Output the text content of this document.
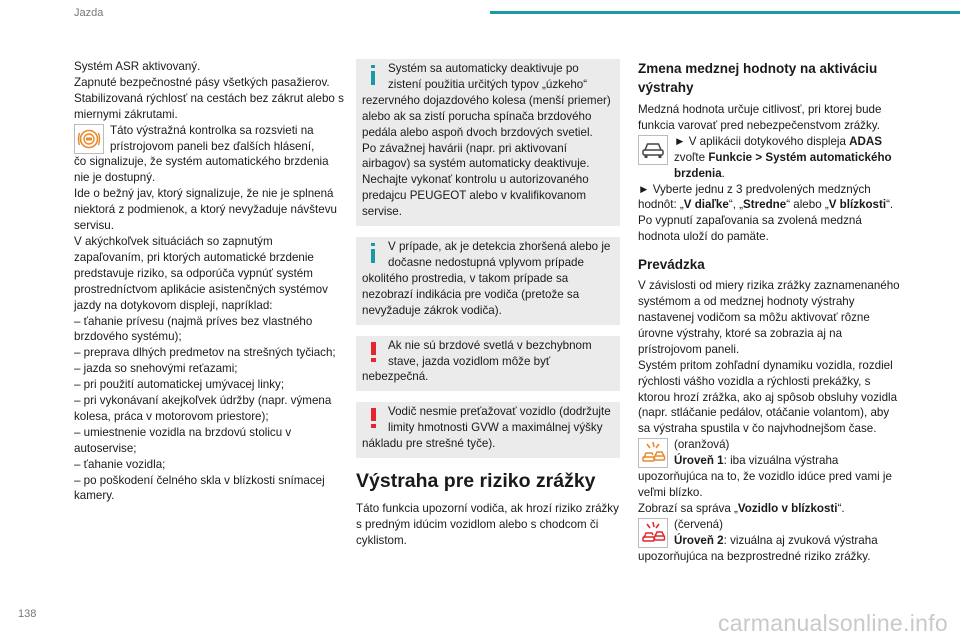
Jazda
138	carmanualsonline.info
Systém ASR aktivovaný.
Zapnuté bezpečnostné pásy všetkých pasažierov.
Stabilizovaná rýchlosť na cestách bez zákrut alebo s miernymi zákrutami.
Táto výstražná kontrolka sa rozsvieti na prístrojovom paneli bez ďalších hlásení,
čo signalizuje, že systém automatického brzdenia nie je dostupný.
Ide o bežný jav, ktorý signalizuje, že nie je splnená niektorá z podmienok, a ktorý nevyžaduje návštevu servisu.
V akýchkoľvek situáciách so zapnutým zapaľovaním, pri ktorých automatické brzdenie predstavuje riziko, sa odporúča vypnúť systém prostredníctvom aplikácie asistenčných systémov jazdy na dotykovom displeji, napríklad:
– ťahanie prívesu (najmä príves bez vlastného brzdového systému);
– preprava dlhých predmetov na strešných tyčiach;
– jazda so snehovými reťazami;
– pri použití automatickej umývacej linky;
– pri vykonávaní akejkoľvek údržby (napr. výmena kolesa, práca v motorovom priestore);
– umiestnenie vozidla na brzdovú stolicu v autoservise;
– ťahanie vozidla;
– po poškodení čelného skla v blízkosti snímacej kamery.
Systém sa automaticky deaktivuje po zistení použitia určitých typov „úzkeho“ rezervného dojazdového kolesa (menší priemer) alebo ak sa zistí porucha spínača brzdového pedála alebo aspoň dvoch brzdových svetiel.
Po závažnej havárii (napr. pri aktivovaní airbagov) sa systém automaticky deaktivuje. Nechajte vykonať kontrolu u autorizovaného predajcu PEUGEOT alebo v kvalifikovanom servise.
V prípade, ak je detekcia zhoršená alebo je dočasne nedostupná vplyvom prípade okolitého prostredia, v takom prípade sa nezobrazí indikácia pre vodiča (pretože sa nevyžaduje zákrok vodiča).
Ak nie sú brzdové svetlá v bezchybnom stave, jazda vozidlom môže byť nebezpečná.
Vodič nesmie preťažovať vozidlo (dodržujte limity hmotnosti GVW a maximálnej výšky nákladu pre strešné tyče).
Výstraha pre riziko zrážky
Táto funkcia upozorní vodiča, ak hrozí riziko zrážky s predným idúcim vozidlom alebo s chodcom či cyklistom.
Zmena medznej hodnoty na aktiváciu výstrahy
Medzná hodnota určuje citlivosť, pri ktorej bude funkcia varovať pred nebezpečenstvom zrážky.
► V aplikácii dotykového displeja ADAS zvoľte Funkcie > Systém automatického brzdenia.
► Vyberte jednu z 3 predvolených medzných hodnôt: „V diaľke“, „Stredne“ alebo „V blízkosti“.
Po vypnutí zapaľovania sa zvolená medzná hodnota uloží do pamäte.
Prevádzka
V závislosti od miery rizika zrážky zaznamenaného systémom a od medznej hodnoty výstrahy nastavenej vodičom sa môžu aktivovať rôzne úrovne výstrahy, ktoré sa zobrazia aj na prístrojovom paneli.
Systém pritom zohľadní dynamiku vozidla, rozdiel rýchlosti vášho vozidla a rýchlosti prekážky, s ktorou hrozí zrážka, ako aj spôsob obsluhy vozidla (napr. stláčanie pedálov, otáčanie volantom), aby sa výstraha spustila v čo najvhodnejšom čase.
(oranžová)
Úroveň 1: iba vizuálna výstraha
upozorňujúca na to, že vozidlo idúce pred vami je veľmi blízko.
Zobrazí sa správa „Vozidlo v blízkosti“.
(červená)
Úroveň 2: vizuálna aj zvuková výstraha
upozorňujúca na bezprostredné riziko zrážky.
